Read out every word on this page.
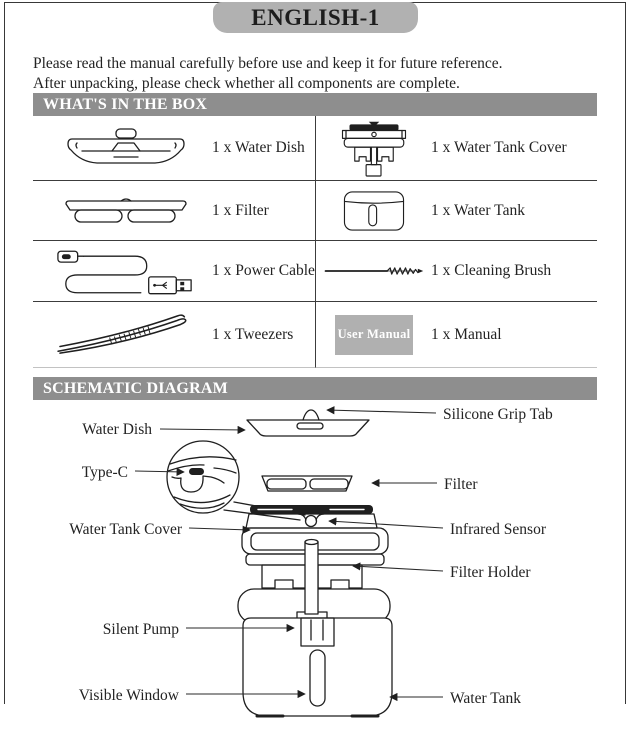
ENGLISH-1
Please read the manual carefully before use and keep it for future reference.
After unpacking, please check whether all components are complete.
WHAT'S IN THE BOX
1 x Water Dish	1 x Water Tank Cover
1 x Filter	1 x Water Tank
1 x Power Cable	1 x Cleaning Brush
1 x Tweezers	User Manual 1 x Manual
SCHEMATIC DIAGRAM
Silicone Grip Tab
Water Dish
Type-C
Filter
Water Tank Cover	Infrared Sensor
Filter Holder
Silent Pump
Visible Window	Water Tank
